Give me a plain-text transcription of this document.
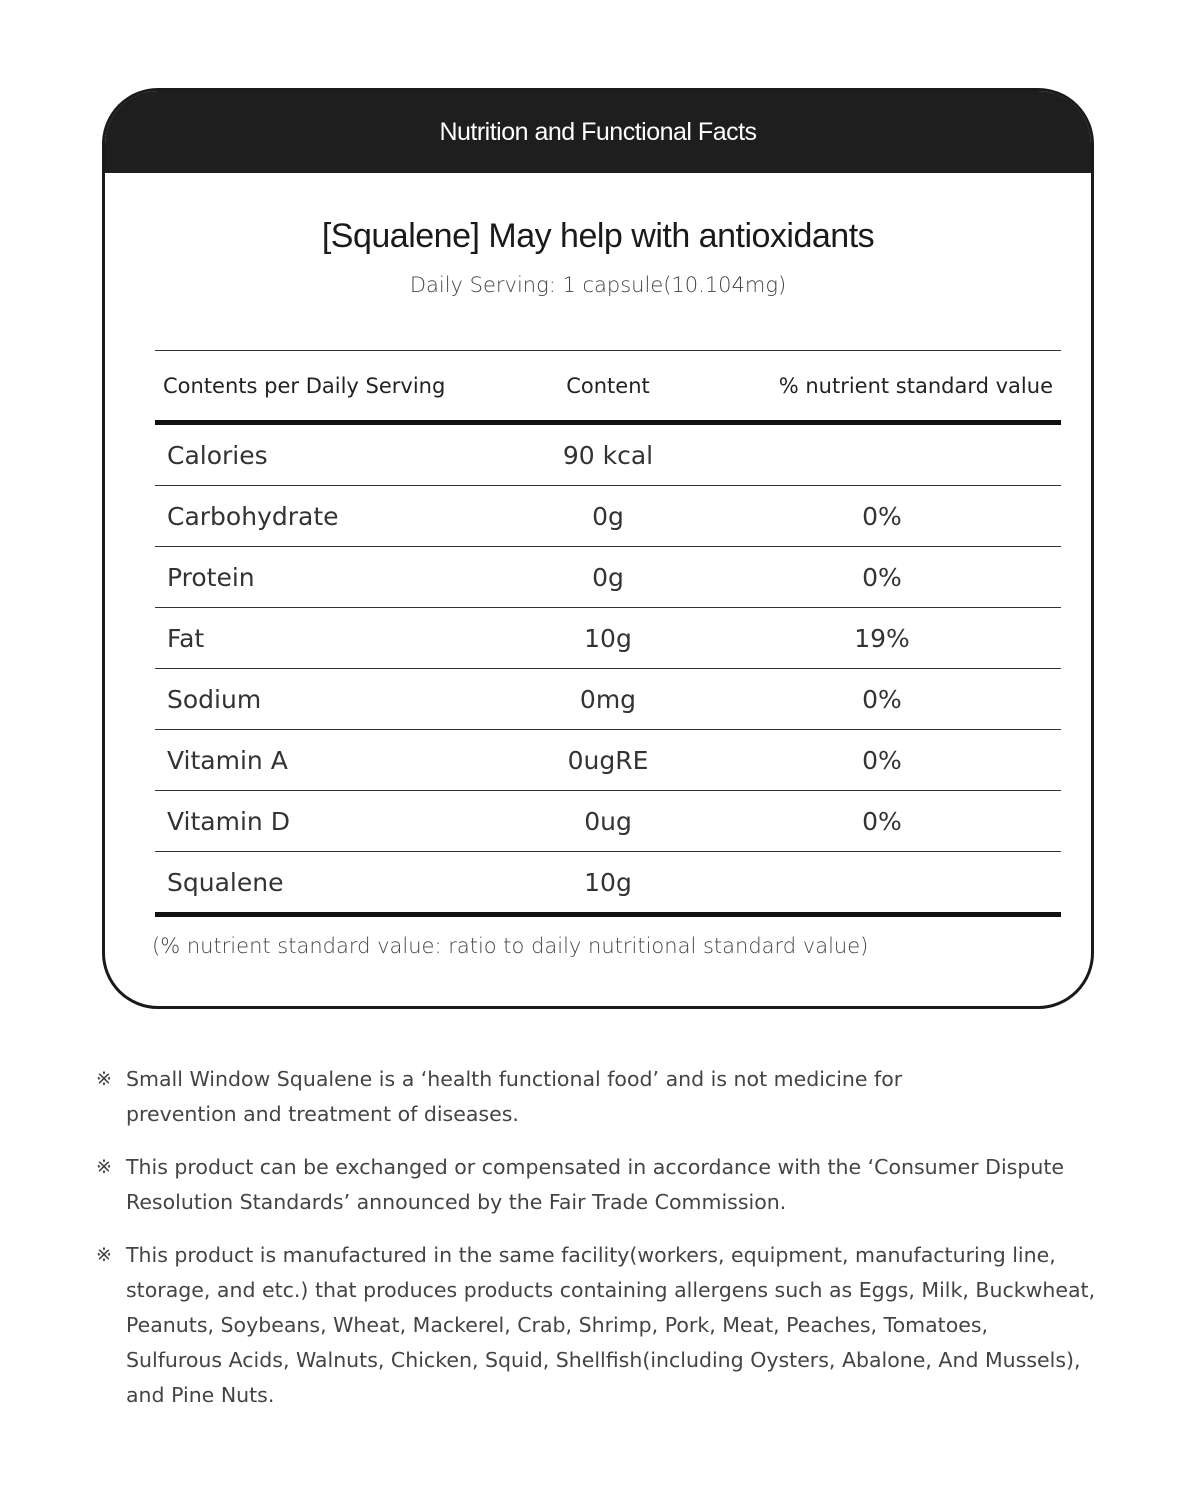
Nutrition and Functional Facts
[Squalene] May help with antioxidants
Daily Serving: 1 capsule(10.104mg)
Contents per Daily Serving	Content	% nutrient standard value
Calories	90 kcal	
Carbohydrate	0g	0%
Protein	0g	0%
Fat	10g	19%
Sodium	0mg	0%
Vitamin A	0ugRE	0%
Vitamin D	0ug	0%
Squalene	10g	
(% nutrient standard value: ratio to daily nutritional standard value)
※ Small Window Squalene is a ‘health functional food’ and is not medicine for
prevention and treatment of diseases.
※ This product can be exchanged or compensated in accordance with the ‘Consumer Dispute
Resolution Standards’ announced by the Fair Trade Commission.
※ This product is manufactured in the same facility(workers, equipment, manufacturing line,
storage, and etc.) that produces products containing allergens such as Eggs, Milk, Buckwheat,
Peanuts, Soybeans, Wheat, Mackerel, Crab, Shrimp, Pork, Meat, Peaches, Tomatoes,
Sulfurous Acids, Walnuts, Chicken, Squid, Shellfish(including Oysters, Abalone, And Mussels),
and Pine Nuts.
